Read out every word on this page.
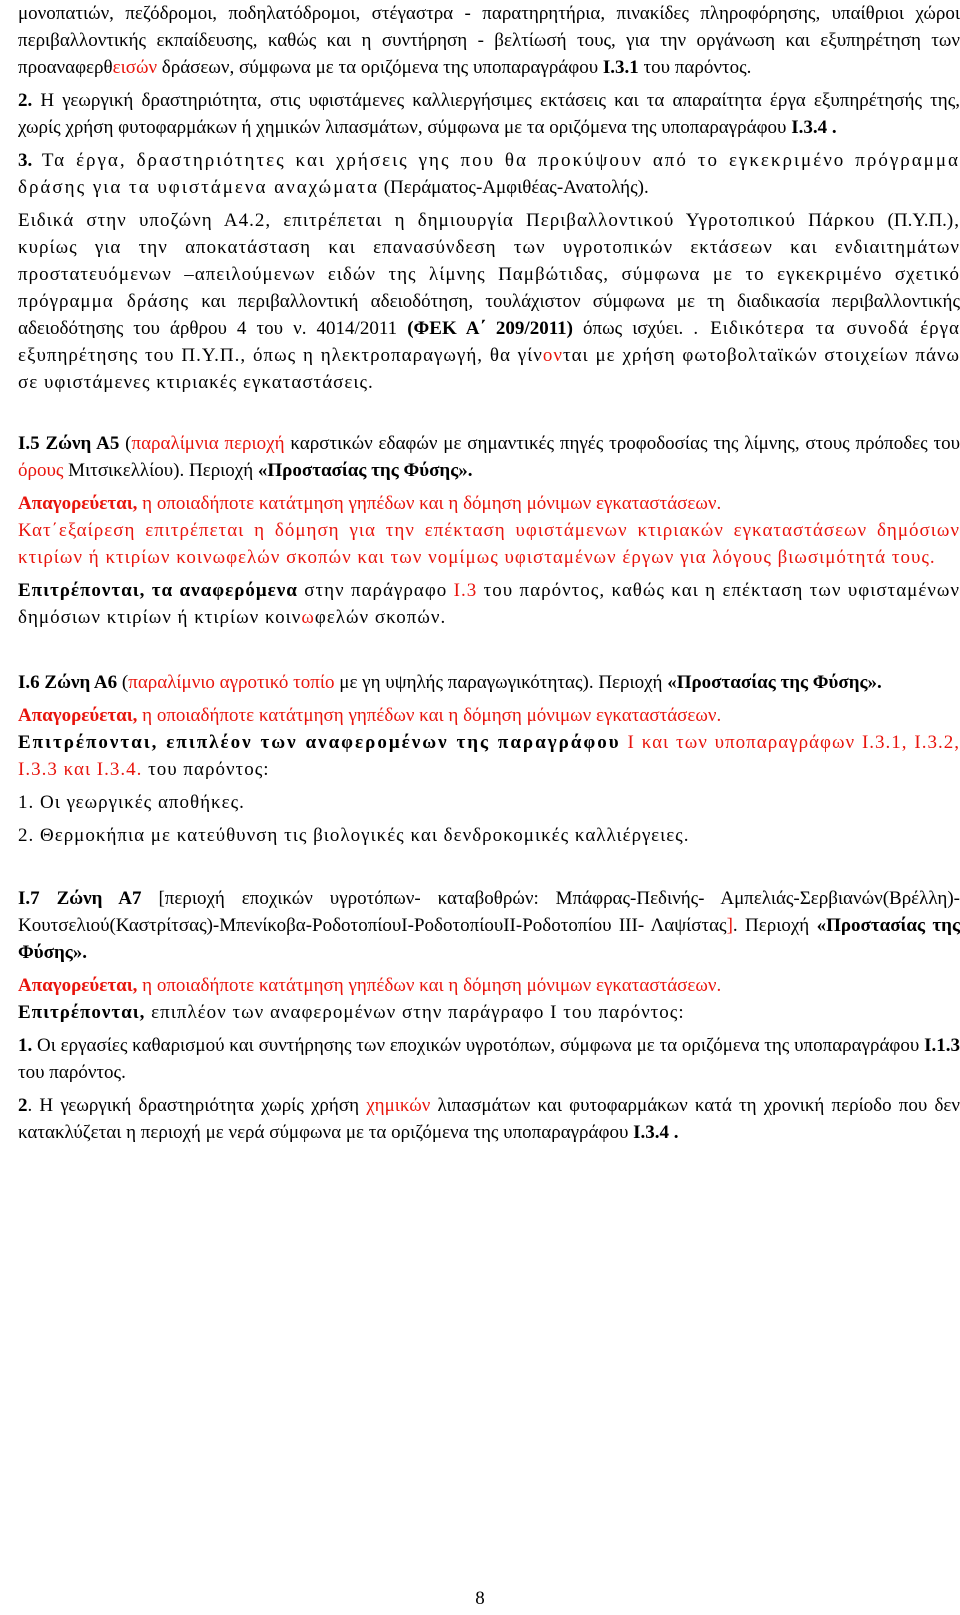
μονοπατιών, πεζόδρομοι, ποδηλατόδρομοι, στέγαστρα - παρατηρητήρια, πινακίδες πληροφόρησης, υπαίθριοι χώροι περιβαλλοντικής εκπαίδευσης, καθώς και η συντήρηση - βελτίωσή τους, για την οργάνωση και εξυπηρέτηση των προαναφερθεισών δράσεων, σύμφωνα με τα οριζόμενα της υποπαραγράφου Ι.3.1 του παρόντος.

2. Η γεωργική δραστηριότητα, στις υφιστάμενες καλλιεργήσιμες εκτάσεις και τα απαραίτητα έργα εξυπηρέτησής της, χωρίς χρήση φυτοφαρμάκων ή χημικών λιπασμάτων, σύμφωνα με τα οριζόμενα της υποπαραγράφου Ι.3.4 .

3. Τα έργα, δραστηριότητες και χρήσεις γης που θα προκύψουν από το εγκεκριμένο πρόγραμμα δράσης για τα υφιστάμενα αναχώματα (Περάματος-Αμφιθέας-Ανατολής).

Ειδικά στην υποζώνη Α4.2, επιτρέπεται η δημιουργία Περιβαλλοντικού Υγροτοπικού Πάρκου (Π.Υ.Π.), κυρίως για την αποκατάσταση και επανασύνδεση των υγροτοπικών εκτάσεων και ενδιαιτημάτων προστατευόμενων –απειλούμενων ειδών της λίμνης Παμβώτιδας, σύμφωνα με το εγκεκριμένο σχετικό πρόγραμμα δράσης και περιβαλλοντική αδειοδότηση, τουλάχιστον σύμφωνα με τη διαδικασία περιβαλλοντικής αδειοδότησης του άρθρου 4 του ν. 4014/2011 (ΦΕΚ Α΄ 209/2011) όπως ισχύει. . Ειδικότερα τα συνοδά έργα εξυπηρέτησης του Π.Υ.Π., όπως η ηλεκτροπαραγωγή, θα γίνονται με χρήση φωτοβολταϊκών στοιχείων πάνω σε υφιστάμενες κτιριακές εγκαταστάσεις.

Ι.5 Ζώνη Α5 (παραλίμνια περιοχή καρστικών εδαφών με σημαντικές πηγές τροφοδοσίας της λίμνης, στους πρόποδες του όρους Μιτσικελλίου). Περιοχή «Προστασίας της Φύσης».

Απαγορεύεται, η οποιαδήποτε κατάτμηση γηπέδων και η δόμηση μόνιμων εγκαταστάσεων.

Κατ΄εξαίρεση επιτρέπεται η δόμηση για την επέκταση υφιστάμενων κτιριακών εγκαταστάσεων δημόσιων κτιρίων ή κτιρίων κοινωφελών σκοπών και των νομίμως υφισταμένων έργων για λόγους βιωσιμότητά τους.

Επιτρέπονται, τα αναφερόμενα στην παράγραφο Ι.3 του παρόντος, καθώς και η επέκταση των υφισταμένων δημόσιων κτιρίων ή κτιρίων κοινωφελών σκοπών.

Ι.6 Ζώνη Α6 (παραλίμνιο αγροτικό τοπίο με γη υψηλής παραγωγικότητας). Περιοχή «Προστασίας της Φύσης».

Απαγορεύεται, η οποιαδήποτε κατάτμηση γηπέδων και η δόμηση μόνιμων εγκαταστάσεων.

Επιτρέπονται, επιπλέον των αναφερομένων της παραγράφου Ι και των υποπαραγράφων Ι.3.1, Ι.3.2, Ι.3.3 και Ι.3.4. του παρόντος:

1. Οι γεωργικές αποθήκες.

2. Θερμοκήπια με κατεύθυνση τις βιολογικές και δενδροκομικές καλλιέργειες.

Ι.7 Ζώνη Α7 [περιοχή εποχικών υγροτόπων- καταβοθρών: Μπάφρας-Πεδινής- Αμπελιάς-Σερβιανών(Βρέλλη)-Κουτσελιού(Καστρίτσας)-Μπενίκοβα-ΡοδοτοπίουΙ-ΡοδοτοπίουΙΙ-Ροδοτοπίου ΙΙΙ- Λαψίστας]. Περιοχή «Προστασίας της Φύσης».

Απαγορεύεται, η οποιαδήποτε κατάτμηση γηπέδων και η δόμηση μόνιμων εγκαταστάσεων.

Επιτρέπονται, επιπλέον των αναφερομένων στην παράγραφο Ι του παρόντος:

1. Οι εργασίες καθαρισμού και συντήρησης των εποχικών υγροτόπων, σύμφωνα με τα οριζόμενα της υποπαραγράφου Ι.1.3 του παρόντος.

2. Η γεωργική δραστηριότητα χωρίς χρήση χημικών λιπασμάτων και φυτοφαρμάκων κατά τη χρονική περίοδο που δεν κατακλύζεται η περιοχή με νερά σύμφωνα με τα οριζόμενα της υποπαραγράφου Ι.3.4 .

8
